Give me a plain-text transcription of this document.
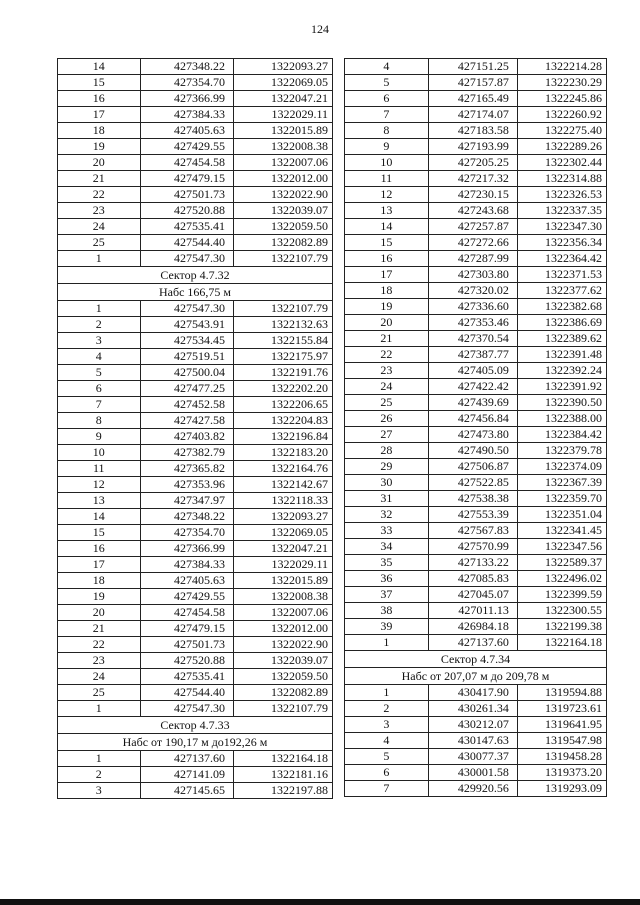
124
14	427348.22	1322093.27
15	427354.70	1322069.05
16	427366.99	1322047.21
17	427384.33	1322029.11
18	427405.63	1322015.89
19	427429.55	1322008.38
20	427454.58	1322007.06
21	427479.15	1322012.00
22	427501.73	1322022.90
23	427520.88	1322039.07
24	427535.41	1322059.50
25	427544.40	1322082.89
1	427547.30	1322107.79
Сектор 4.7.32		
Набс 166,75 м		
1	427547.30	1322107.79
2	427543.91	1322132.63
3	427534.45	1322155.84
4	427519.51	1322175.97
5	427500.04	1322191.76
6	427477.25	1322202.20
7	427452.58	1322206.65
8	427427.58	1322204.83
9	427403.82	1322196.84
10	427382.79	1322183.20
11	427365.82	1322164.76
12	427353.96	1322142.67
13	427347.97	1322118.33
14	427348.22	1322093.27
15	427354.70	1322069.05
16	427366.99	1322047.21
17	427384.33	1322029.11
18	427405.63	1322015.89
19	427429.55	1322008.38
20	427454.58	1322007.06
21	427479.15	1322012.00
22	427501.73	1322022.90
23	427520.88	1322039.07
24	427535.41	1322059.50
25	427544.40	1322082.89
1	427547.30	1322107.79
Сектор 4.7.33		
Набс от 190,17 м до192,26 м		
1	427137.60	1322164.18
2	427141.09	1322181.16
3	427145.65	1322197.88
4	427151.25	1322214.28
5	427157.87	1322230.29
6	427165.49	1322245.86
7	427174.07	1322260.92
8	427183.58	1322275.40
9	427193.99	1322289.26
10	427205.25	1322302.44
11	427217.32	1322314.88
12	427230.15	1322326.53
13	427243.68	1322337.35
14	427257.87	1322347.30
15	427272.66	1322356.34
16	427287.99	1322364.42
17	427303.80	1322371.53
18	427320.02	1322377.62
19	427336.60	1322382.68
20	427353.46	1322386.69
21	427370.54	1322389.62
22	427387.77	1322391.48
23	427405.09	1322392.24
24	427422.42	1322391.92
25	427439.69	1322390.50
26	427456.84	1322388.00
27	427473.80	1322384.42
28	427490.50	1322379.78
29	427506.87	1322374.09
30	427522.85	1322367.39
31	427538.38	1322359.70
32	427553.39	1322351.04
33	427567.83	1322341.45
34	427570.99	1322347.56
35	427133.22	1322589.37
36	427085.83	1322496.02
37	427045.07	1322399.59
38	427011.13	1322300.55
39	426984.18	1322199.38
1	427137.60	1322164.18
Сектор 4.7.34		
Набс от 207,07 м до 209,78 м		
1	430417.90	1319594.88
2	430261.34	1319723.61
3	430212.07	1319641.95
4	430147.63	1319547.98
5	430077.37	1319458.28
6	430001.58	1319373.20
7	429920.56	1319293.09
